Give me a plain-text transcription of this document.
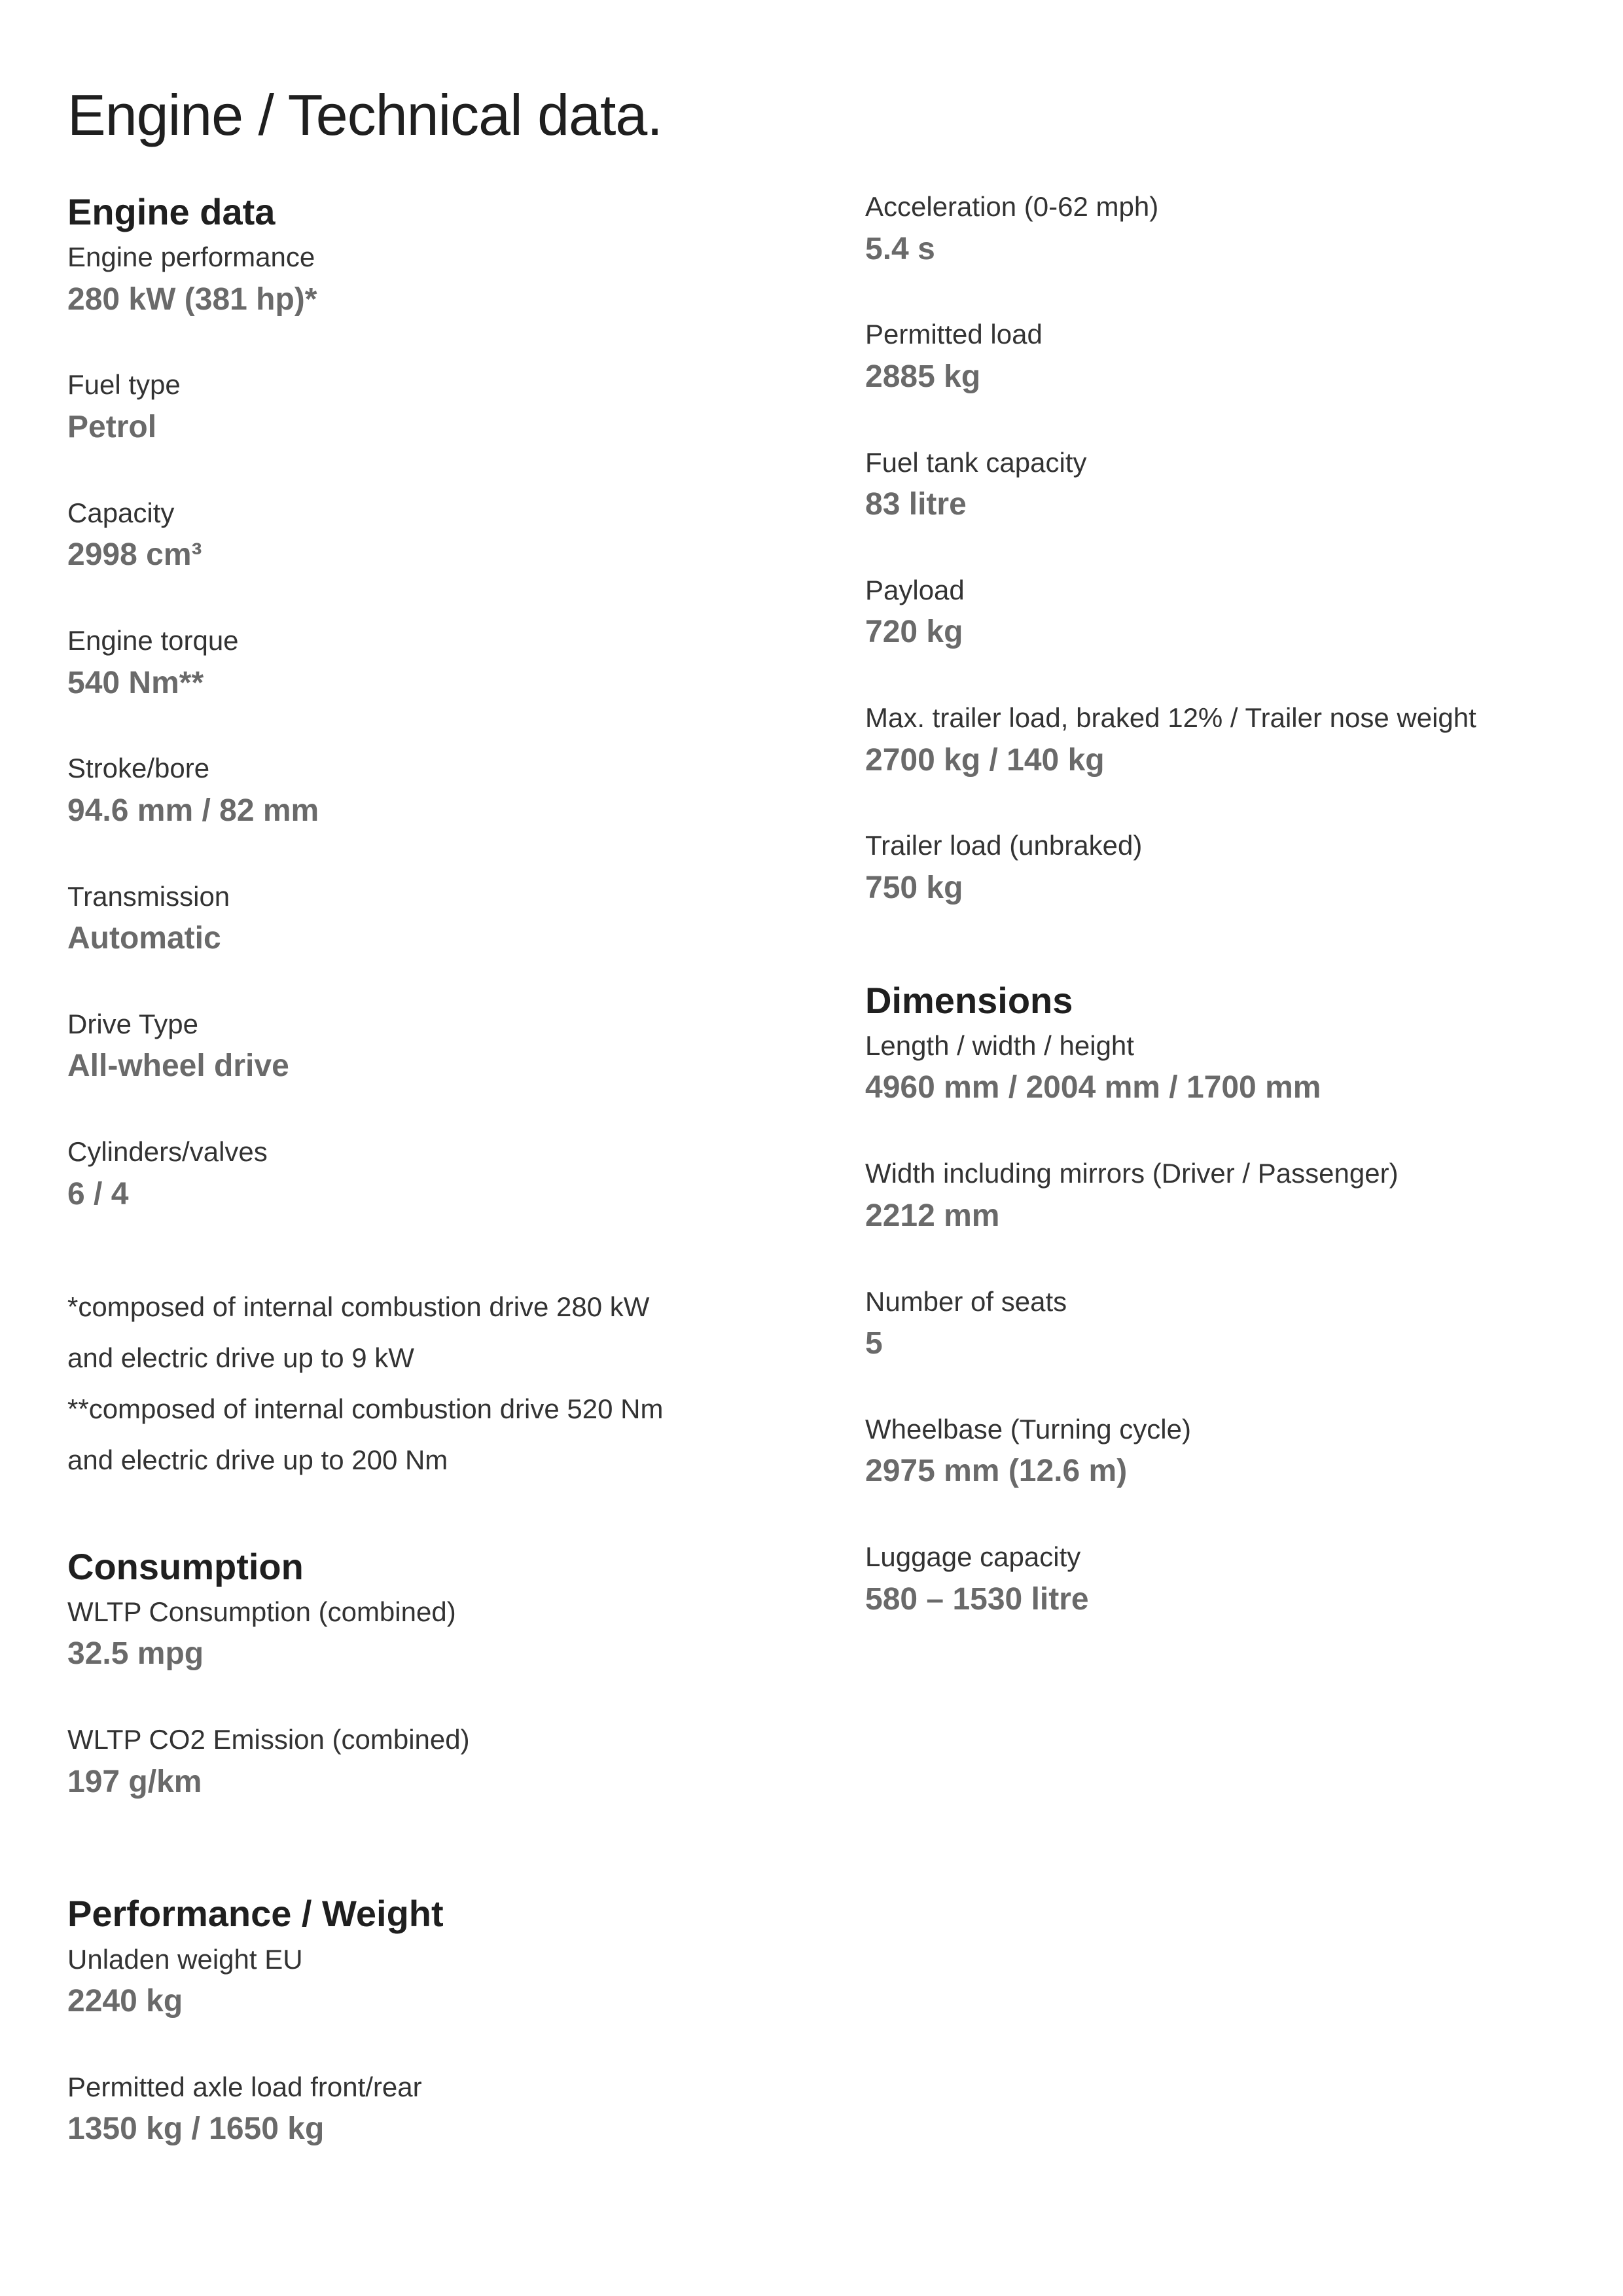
Engine / Technical data.
Engine data
Engine performance
280 kW (381 hp)*
Fuel type
Petrol
Capacity
2998 cm³
Engine torque
540 Nm**
Stroke/bore
94.6 mm / 82 mm
Transmission
Automatic
Drive Type
All-wheel drive
Cylinders/valves
6 / 4
*composed of internal combustion drive 280 kW
and electric drive up to 9 kW
**composed of internal combustion drive 520 Nm
and electric drive up to 200 Nm
Consumption
WLTP Consumption (combined)
32.5 mpg
WLTP CO2 Emission (combined)
197 g/km
Performance / Weight
Unladen weight EU
2240 kg
Permitted axle load front/rear
1350 kg / 1650 kg
Acceleration (0-62 mph)
5.4 s
Permitted load
2885 kg
Fuel tank capacity
83 litre
Payload
720 kg
Max. trailer load, braked 12% / Trailer nose weight
2700 kg / 140 kg
Trailer load (unbraked)
750 kg
Dimensions
Length / width / height
4960 mm / 2004 mm / 1700 mm
Width including mirrors (Driver / Passenger)
2212 mm
Number of seats
5
Wheelbase (Turning cycle)
2975 mm (12.6 m)
Luggage capacity
580 – 1530 litre
